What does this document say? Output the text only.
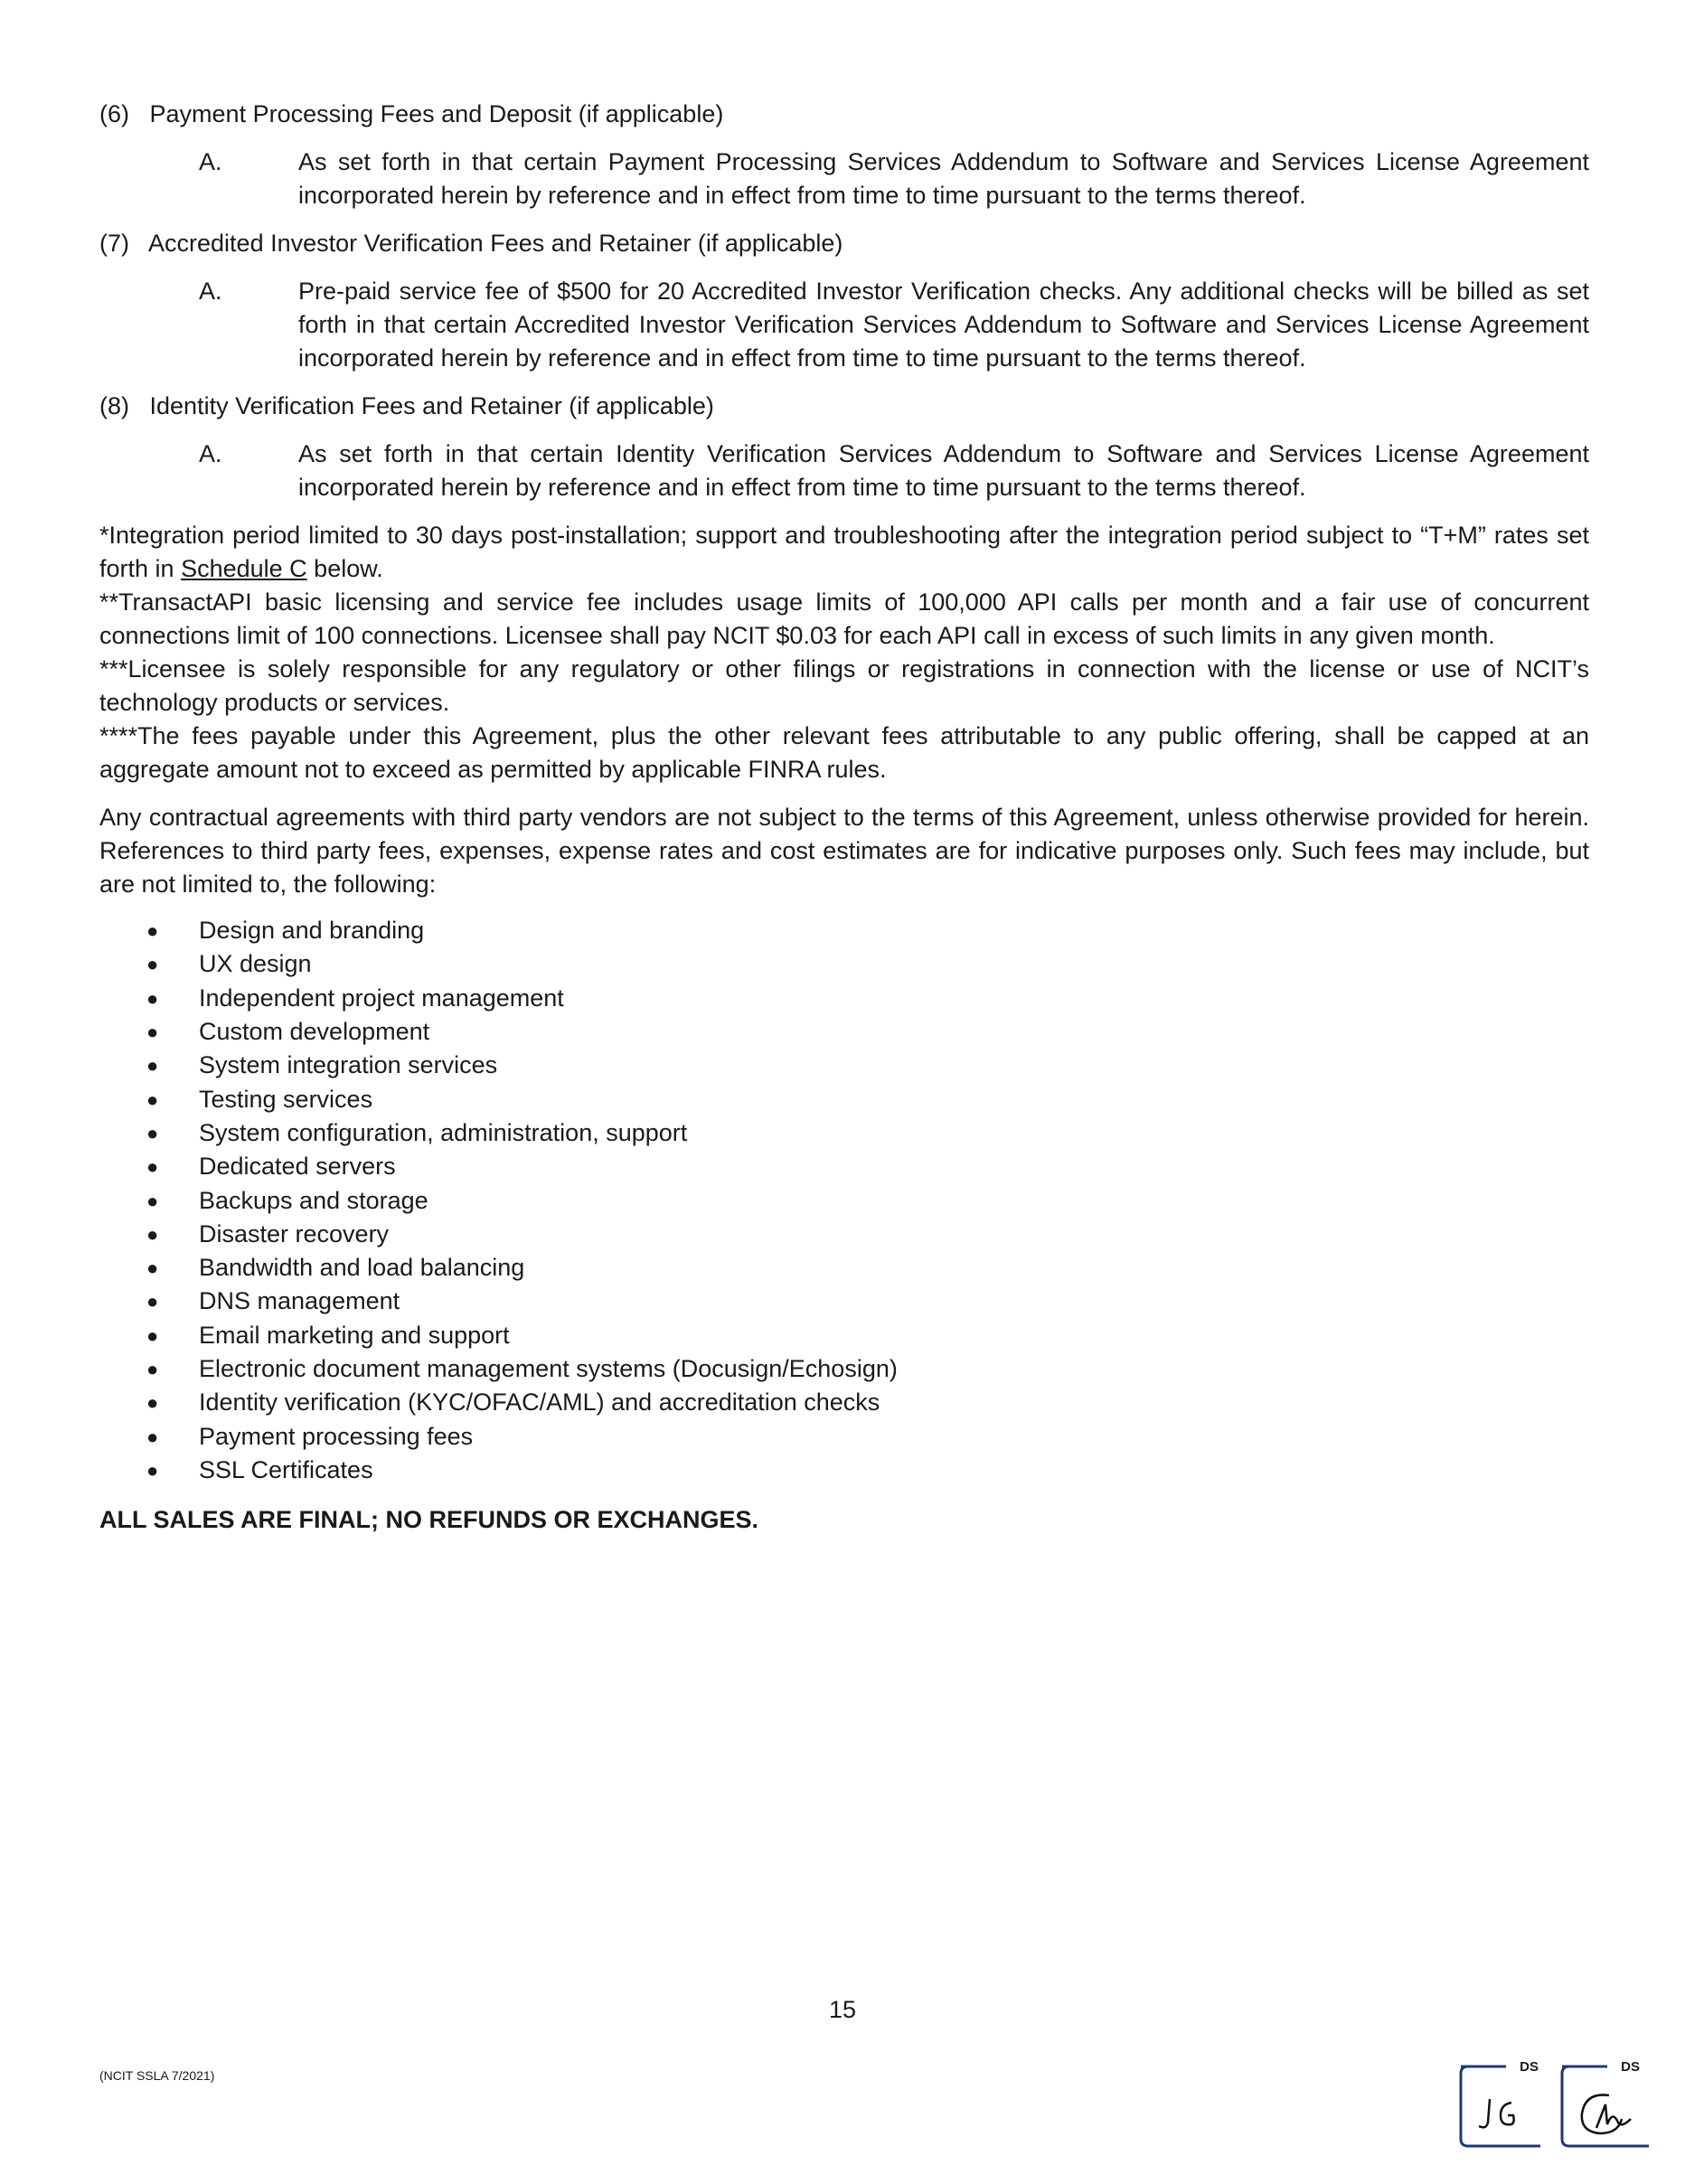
(6) Payment Processing Fees and Deposit (if applicable)

A.	As set forth in that certain Payment Processing Services Addendum to Software and Services License Agreement incorporated herein by reference and in effect from time to time pursuant to the terms thereof.

(7) Accredited Investor Verification Fees and Retainer (if applicable)

A.	Pre-paid service fee of $500 for 20 Accredited Investor Verification checks. Any additional checks will be billed as set forth in that certain Accredited Investor Verification Services Addendum to Software and Services License Agreement incorporated herein by reference and in effect from time to time pursuant to the terms thereof.

(8) Identity Verification Fees and Retainer (if applicable)

A.	As set forth in that certain Identity Verification Services Addendum to Software and Services License Agreement incorporated herein by reference and in effect from time to time pursuant to the terms thereof.

*Integration period limited to 30 days post-installation; support and troubleshooting after the integration period subject to “T+M” rates set forth in Schedule C below.

**TransactAPI basic licensing and service fee includes usage limits of 100,000 API calls per month and a fair use of concurrent connections limit of 100 connections. Licensee shall pay NCIT $0.03 for each API call in excess of such limits in any given month.

***Licensee is solely responsible for any regulatory or other filings or registrations in connection with the license or use of NCIT’s technology products or services.

****The fees payable under this Agreement, plus the other relevant fees attributable to any public offering, shall be capped at an aggregate amount not to exceed as permitted by applicable FINRA rules.

Any contractual agreements with third party vendors are not subject to the terms of this Agreement, unless otherwise provided for herein. References to third party fees, expenses, expense rates and cost estimates are for indicative purposes only. Such fees may include, but are not limited to, the following:

●	Design and branding
●	UX design
●	Independent project management
●	Custom development
●	System integration services
●	Testing services
●	System configuration, administration, support
●	Dedicated servers
●	Backups and storage
●	Disaster recovery
●	Bandwidth and load balancing
●	DNS management
●	Email marketing and support
●	Electronic document management systems (Docusign/Echosign)
●	Identity verification (KYC/OFAC/AML) and accreditation checks
●	Payment processing fees
●	SSL Certificates

ALL SALES ARE FINAL; NO REFUNDS OR EXCHANGES.

15
(NCIT SSLA 7/2021)
DS	DS
